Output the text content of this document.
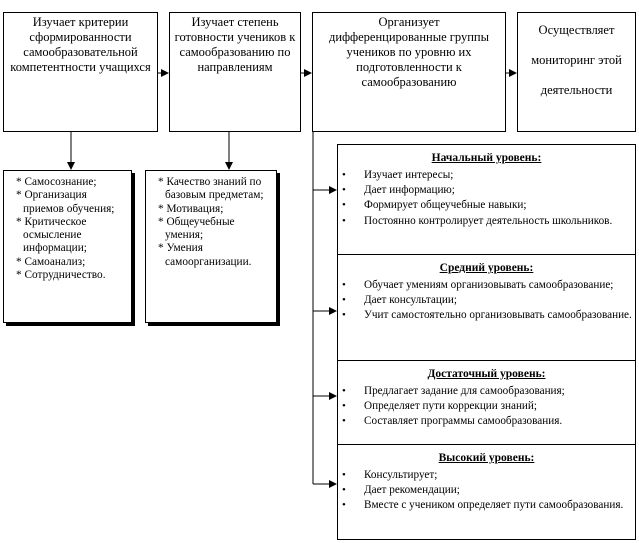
Изучает критерии сформированности самообразовательной компетентности учащихся
Изучает степень готовности учеников к самообразованию по направлениям
Организует дифференцированные группы учеников по уровню их подготовленности к самообразованию
Осуществляет мониторинг этой деятельности
* Самосознание;
* Организация приемов обучения;
* Критическое осмысление информации;
* Самоанализ;
* Сотрудничество.
* Качество знаний по базовым предметам;
* Мотивация;
* Общеучебные умения;
* Умения самоорганизации.
Начальный уровень:
• Изучает интересы;
• Дает информацию;
• Формирует общеучебные навыки;
• Постоянно контролирует деятельность школьников.
Средний уровень:
• Обучает умениям организовывать самообразование;
• Дает консультации;
• Учит самостоятельно организовывать самообразование.
Достаточный уровень:
• Предлагает задание для самообразования;
• Определяет пути коррекции знаний;
• Составляет программы самообразования.
Высокий уровень:
• Консультирует;
• Дает рекомендации;
• Вместе с учеником определяет пути самообразования.
